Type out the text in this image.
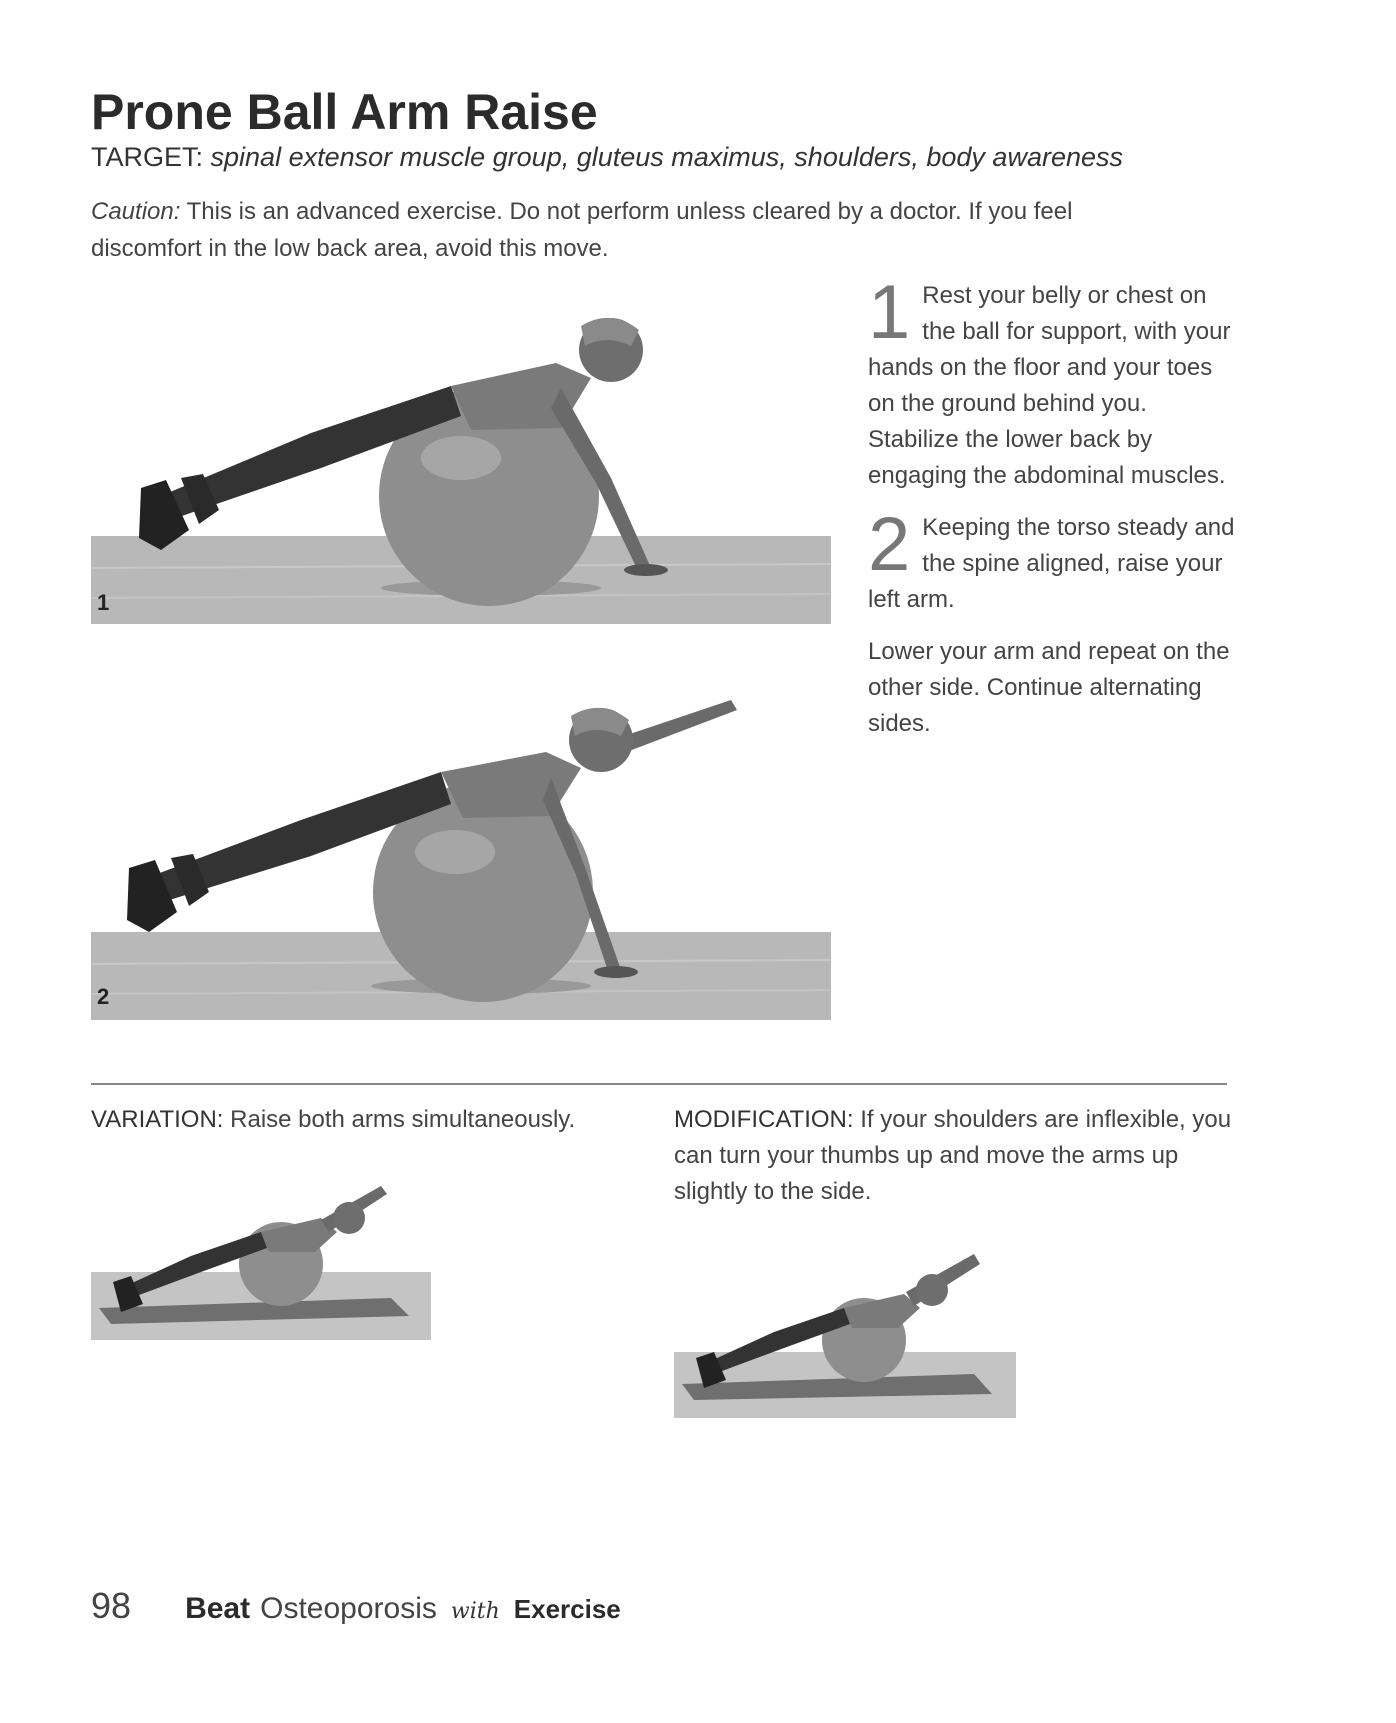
Prone Ball Arm Raise
TARGET: spinal extensor muscle group, gluteus maximus, shoulders, body awareness
Caution: This is an advanced exercise. Do not perform unless cleared by a doctor. If you feel discomfort in the low back area, avoid this move.
1
2
1 Rest your belly or chest on the ball for support, with your hands on the floor and your toes on the ground behind you. Stabilize the lower back by engaging the abdominal muscles.

2 Keeping the torso steady and the spine aligned, raise your left arm.

Lower your arm and repeat on the other side. Continue alternating sides.

VARIATION: Raise both arms simultaneously.	MODIFICATION: If your shoulders are inflexible, you can turn your thumbs up and move the arms up slightly to the side.
98 Beat Osteoporosis with Exercise
